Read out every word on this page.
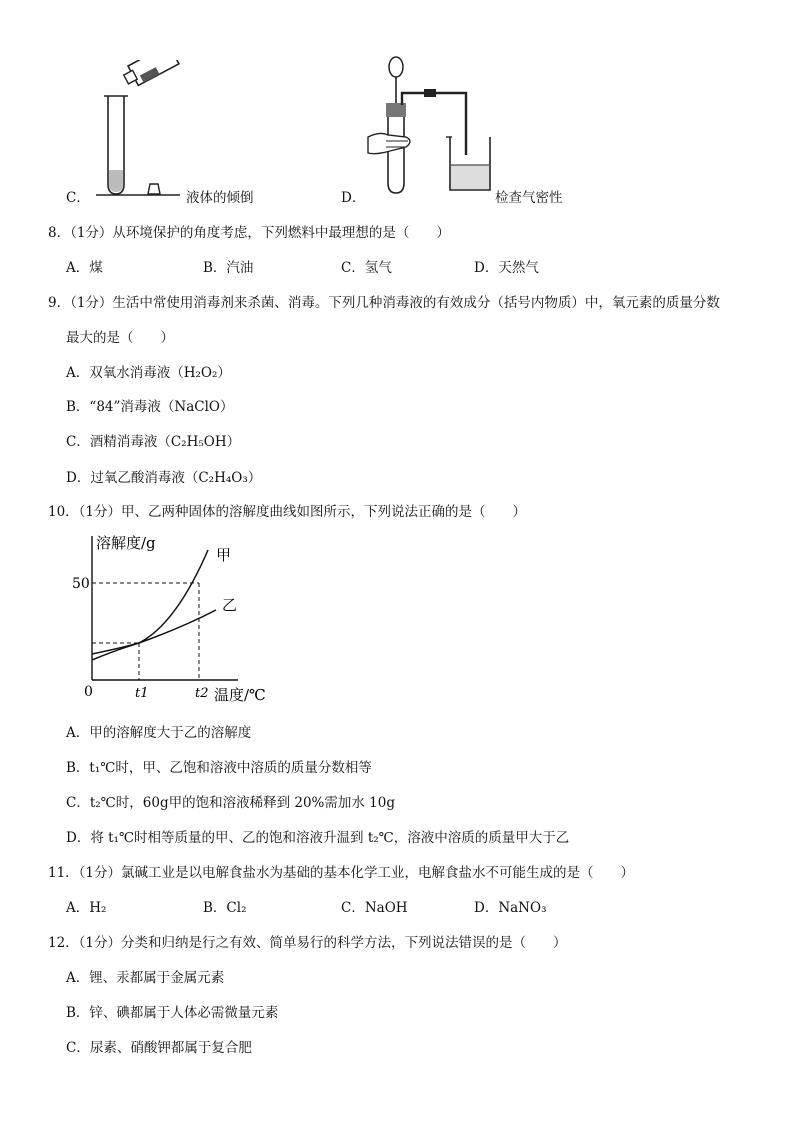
C．	液体的倾倒	D．	检查气密性
8．（1分）从环境保护的角度考虑，下列燃料中最理想的是（　　）
A．煤	B．汽油	C．氢气	D．天然气
9．（1分）生活中常使用消毒剂来杀菌、消毒。下列几种消毒液的有效成分（括号内物质）中，氧元素的质量分数
最大的是（　　）
A．双氧水消毒液（H₂O₂）
B．“84”消毒液（NaClO）
C．酒精消毒液（C₂H₅OH）
D．过氧乙酸消毒液（C₂H₄O₃）
10．（1分）甲、乙两种固体的溶解度曲线如图所示，下列说法正确的是（　　）
溶解度/g
甲
乙
50
0	t1	t2 温度/℃
A．甲的溶解度大于乙的溶解度
B．t₁℃时，甲、乙饱和溶液中溶质的质量分数相等
C．t₂℃时，60g甲的饱和溶液稀释到 20%需加水 10g
D．将 t₁℃时相等质量的甲、乙的饱和溶液升温到 t₂℃，溶液中溶质的质量甲大于乙
11．（1分）氯碱工业是以电解食盐水为基础的基本化学工业，电解食盐水不可能生成的是（　　）
A．H₂	B．Cl₂	C．NaOH	D．NaNO₃
12．（1分）分类和归纳是行之有效、简单易行的科学方法，下列说法错误的是（　　）
A．锂、汞都属于金属元素
B．锌、碘都属于人体必需微量元素
C．尿素、硝酸钾都属于复合肥
